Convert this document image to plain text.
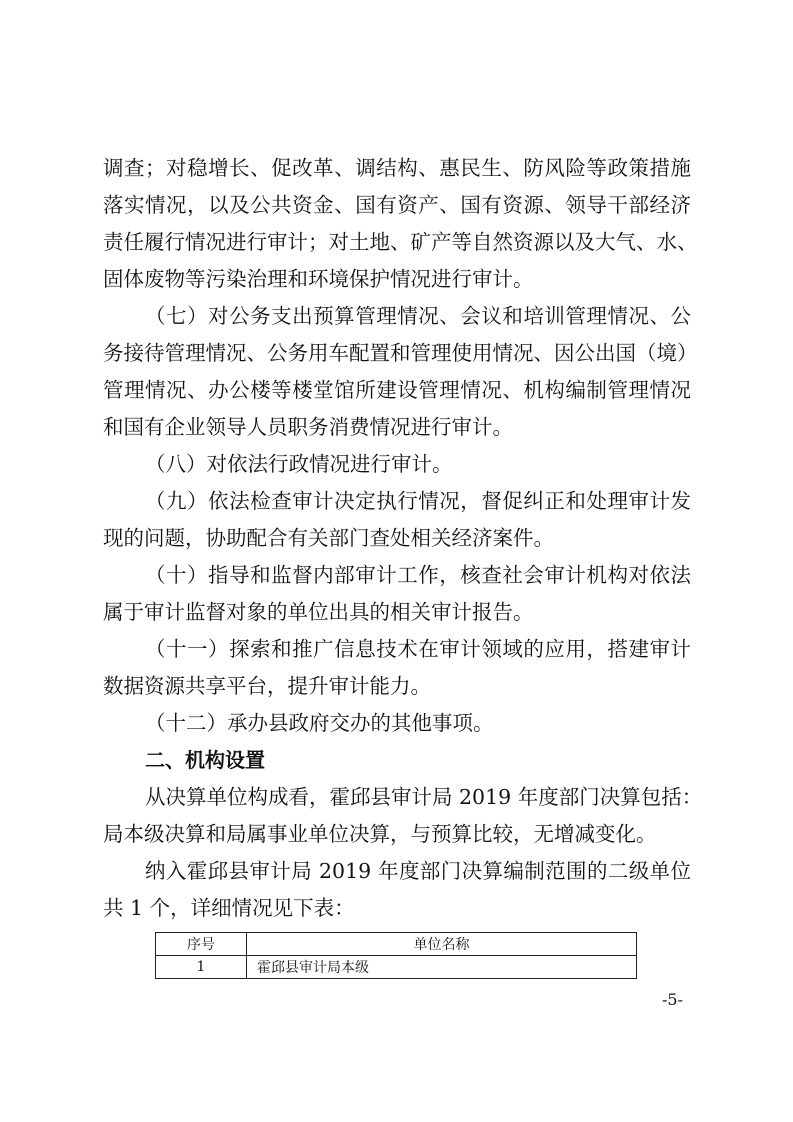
调查；对稳增长、促改革、调结构、惠民生、防风险等政策措施
落实情况，以及公共资金、国有资产、国有资源、领导干部经济
责任履行情况进行审计；对土地、矿产等自然资源以及大气、水、
固体废物等污染治理和环境保护情况进行审计。
（七）对公务支出预算管理情况、会议和培训管理情况、公
务接待管理情况、公务用车配置和管理使用情况、因公出国（境）
管理情况、办公楼等楼堂馆所建设管理情况、机构编制管理情况
和国有企业领导人员职务消费情况进行审计。
（八）对依法行政情况进行审计。
（九）依法检查审计决定执行情况，督促纠正和处理审计发
现的问题，协助配合有关部门查处相关经济案件。
（十）指导和监督内部审计工作，核查社会审计机构对依法
属于审计监督对象的单位出具的相关审计报告。
（十一）探索和推广信息技术在审计领域的应用，搭建审计
数据资源共享平台，提升审计能力。
（十二）承办县政府交办的其他事项。
二、机构设置
从决算单位构成看，霍邱县审计局 2019 年度部门决算包括：
局本级决算和局属事业单位决算，与预算比较，无增减变化。
纳入霍邱县审计局 2019 年度部门决算编制范围的二级单位
共 1 个，详细情况见下表：
序号	单位名称
1	霍邱县审计局本级
-5-
